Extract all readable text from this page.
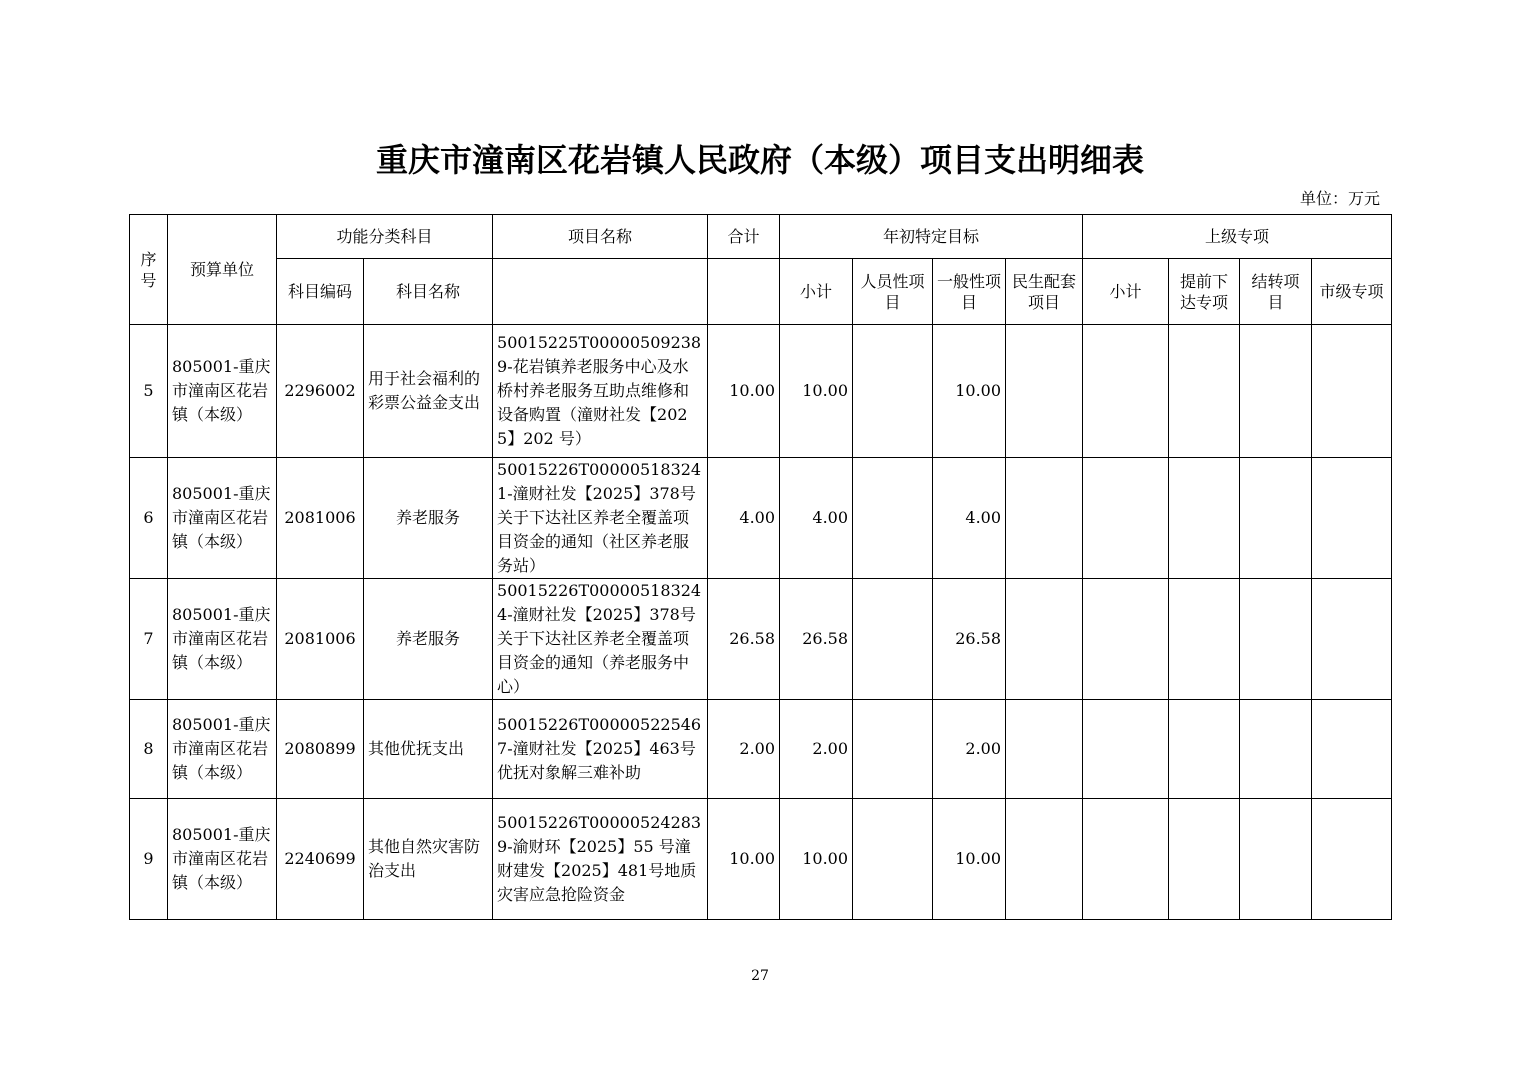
重庆市潼南区花岩镇人民政府（本级）项目支出明细表
单位：万元
序号	预算单位	功能分类科目		项目名称	合计	年初特定目标				上级专项			
		科目编码	科目名称			小计	人员性项目	一般性项目	民生配套项目	小计	提前下达专项	结转项目	市级专项
5	805001-重庆市潼南区花岩镇（本级）	2296002	用于社会福利的彩票公益金支出	50015225T000005092389-花岩镇养老服务中心及水桥村养老服务互助点维修和设备购置（潼财社发【2025】202 号）	10.00	10.00		10.00					
6	805001-重庆市潼南区花岩镇（本级）	2081006	养老服务	50015226T000005183241-潼财社发【2025】378号关于下达社区养老全覆盖项目资金的通知（社区养老服务站）	4.00	4.00		4.00					
7	805001-重庆市潼南区花岩镇（本级）	2081006	养老服务	50015226T000005183244-潼财社发【2025】378号关于下达社区养老全覆盖项目资金的通知（养老服务中心）	26.58	26.58		26.58					
8	805001-重庆市潼南区花岩镇（本级）	2080899	其他优抚支出	50015226T000005225467-潼财社发【2025】463号优抚对象解三难补助	2.00	2.00		2.00					
9	805001-重庆市潼南区花岩镇（本级）	2240699	其他自然灾害防治支出	50015226T000005242839-渝财环【2025】55 号潼财建发【2025】481号地质灾害应急抢险资金	10.00	10.00		10.00					
27
